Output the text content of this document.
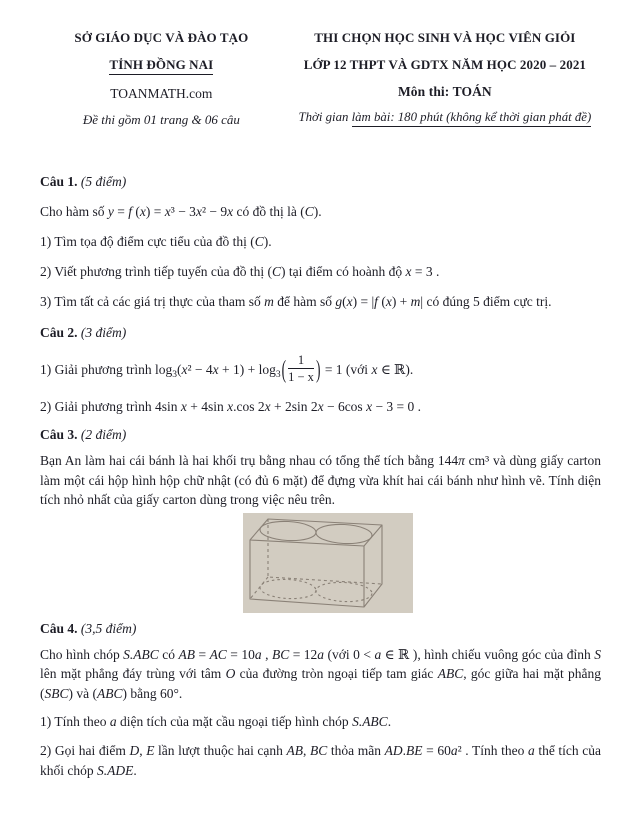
SỞ GIÁO DỤC VÀ ĐÀO TẠO

TỈNH ĐỒNG NAI

TOANMATH.com

Đề thi gồm 01 trang & 06 câu

THI CHỌN HỌC SINH VÀ HỌC VIÊN GIỎI

LỚP 12 THPT VÀ GDTX NĂM HỌC 2020 – 2021

Môn thi: TOÁN

Thời gian làm bài: 180 phút (không kể thời gian phát đề)

Câu 1. (5 điểm)

Cho hàm số y = f (x) = x³ − 3x² − 9x có đồ thị là (C).

1) Tìm tọa độ điểm cực tiểu của đồ thị (C).

2) Viết phương trình tiếp tuyến của đồ thị (C) tại điểm có hoành độ x = 3 .

3) Tìm tất cả các giá trị thực của tham số m để hàm số g(x) = |f (x) + m| có đúng 5 điểm cực trị.

Câu 2. (3 điểm)

1) Giải phương trình $\log_3(x^2 - 4x + 1) + \log_3( \frac{1}{1 - x}$ ) = 1 (với x ∈ ℝ).

2) Giải phương trình 4sin x + 4sin x.cos 2x + 2sin 2x − 6cos x − 3 = 0 .

Câu 3. (2 điểm)

Bạn An làm hai cái bánh là hai khối trụ bằng nhau có tổng thể tích bằng 144π cm³ và dùng giấy carton làm một cái hộp hình hộp chữ nhật (có đủ 6 mặt) để đựng vừa khít hai cái bánh như hình vẽ. Tính diện tích nhỏ nhất của giấy carton dùng trong việc nêu trên.

Câu 4. (3,5 điểm)

Cho hình chóp S.ABC có AB = AC = 10a , BC = 12a (với 0 < a ∈ ℝ ), hình chiếu vuông góc của đỉnh S lên mặt phẳng đáy trùng với tâm O của đường tròn ngoại tiếp tam giác ABC, góc giữa hai mặt phẳng (SBC) và (ABC) bằng 60°.

1) Tính theo a diện tích của mặt cầu ngoại tiếp hình chóp S.ABC.

2) Gọi hai điểm D, E lần lượt thuộc hai cạnh AB, BC thỏa mãn AD.BE = 60a² . Tính theo a thể tích của khối chóp S.ADE.
